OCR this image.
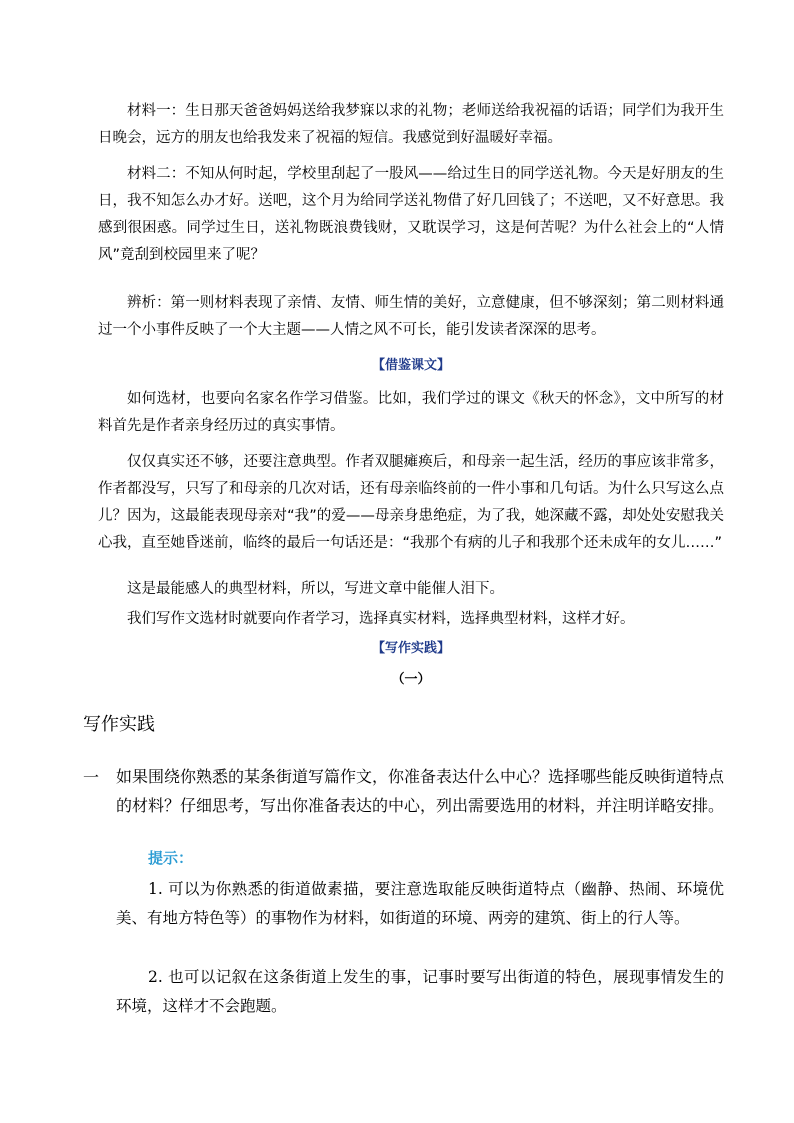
材料一：生日那天爸爸妈妈送给我梦寐以求的礼物；老师送给我祝福的话语；同学们为我开生日晚会，远方的朋友也给我发来了祝福的短信。我感觉到好温暖好幸福。

材料二：不知从何时起，学校里刮起了一股风——给过生日的同学送礼物。今天是好朋友的生日，我不知怎么办才好。送吧，这个月为给同学送礼物借了好几回钱了；不送吧，又不好意思。我感到很困惑。同学过生日，送礼物既浪费钱财，又耽误学习，这是何苦呢？为什么社会上的“人情风”竟刮到校园里来了呢？

辨析：第一则材料表现了亲情、友情、师生情的美好，立意健康，但不够深刻；第二则材料通过一个小事件反映了一个大主题——人情之风不可长，能引发读者深深的思考。

【借鉴课文】

如何选材，也要向名家名作学习借鉴。比如，我们学过的课文《秋天的怀念》，文中所写的材料首先是作者亲身经历过的真实事情。

仅仅真实还不够，还要注意典型。作者双腿瘫痪后，和母亲一起生活，经历的事应该非常多，作者都没写，只写了和母亲的几次对话，还有母亲临终前的一件小事和几句话。为什么只写这么点儿？因为，这最能表现母亲对“我”的爱——母亲身患绝症，为了我，她深藏不露，却处处安慰我关心我，直至她昏迷前，临终的最后一句话还是：“我那个有病的儿子和我那个还未成年的女儿……”

这是最能感人的典型材料，所以，写进文章中能催人泪下。

我们写作文选材时就要向作者学习，选择真实材料，选择典型材料，这样才好。

【写作实践】

（一）

写作实践

一 如果围绕你熟悉的某条街道写篇作文，你准备表达什么中心？选择哪些能反映街道特点的材料？仔细思考，写出你准备表达的中心，列出需要选用的材料，并注明详略安排。

提示：

1. 可以为你熟悉的街道做素描，要注意选取能反映街道特点（幽静、热闹、环境优美、有地方特色等）的事物作为材料，如街道的环境、两旁的建筑、街上的行人等。

2. 也可以记叙在这条街道上发生的事，记事时要写出街道的特色，展现事情发生的环境，这样才不会跑题。
